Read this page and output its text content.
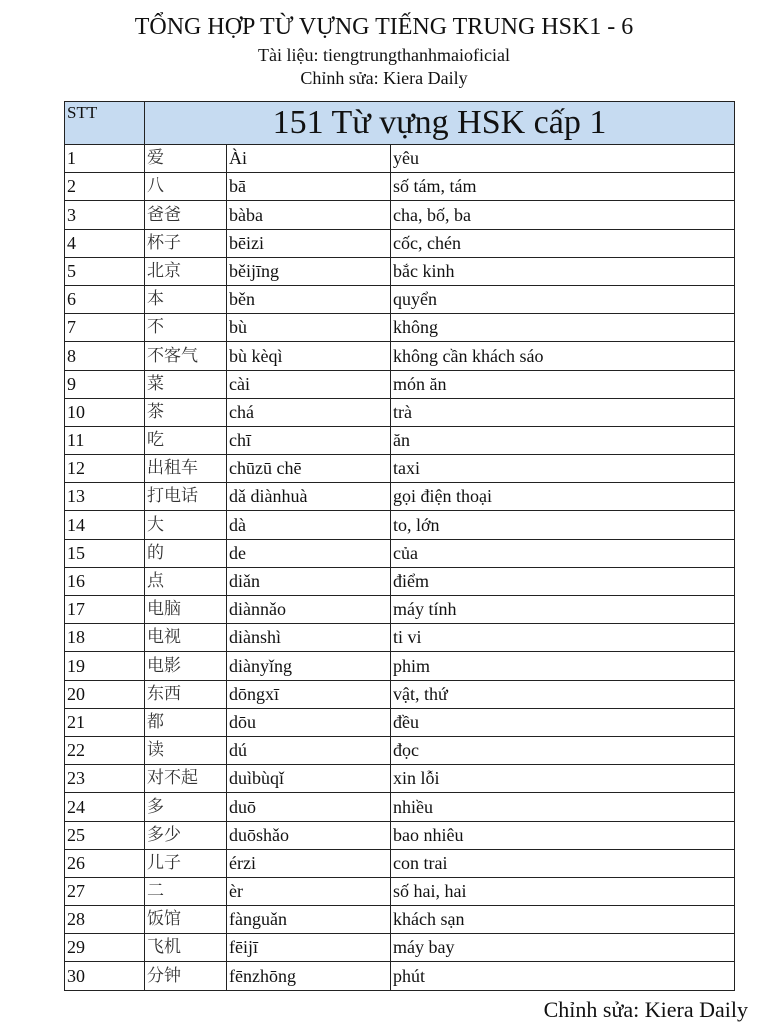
TỔNG HỢP TỪ VỰNG TIẾNG TRUNG HSK1 - 6
Tài liệu: tiengtrungthanhmaioficial
Chỉnh sửa: Kiera Daily
STT	151 Từ vựng HSK cấp 1		
1	爱	Ài	yêu
2	八	bā	số tám, tám
3	爸爸	bàba	cha, bố, ba
4	杯子	bēizi	cốc, chén
5	北京	běijīng	bắc kinh
6	本	běn	quyển
7	不	bù	không
8	不客气	bù kèqì	không cần khách sáo
9	菜	cài	món ăn
10	茶	chá	trà
11	吃	chī	ăn
12	出租车	chūzū chē	taxi
13	打电话	dǎ diànhuà	gọi điện thoại
14	大	dà	to, lớn
15	的	de	của
16	点	diǎn	điểm
17	电脑	diànnǎo	máy tính
18	电视	diànshì	ti vi
19	电影	diànyǐng	phim
20	东西	dōngxī	vật, thứ
21	都	dōu	đều
22	读	dú	đọc
23	对不起	duìbùqǐ	xin lỗi
24	多	duō	nhiều
25	多少	duōshǎo	bao nhiêu
26	儿子	érzi	con trai
27	二	èr	số hai, hai
28	饭馆	fànguǎn	khách sạn
29	飞机	fēijī	máy bay
30	分钟	fēnzhōng	phút
Chỉnh sửa: Kiera Daily
